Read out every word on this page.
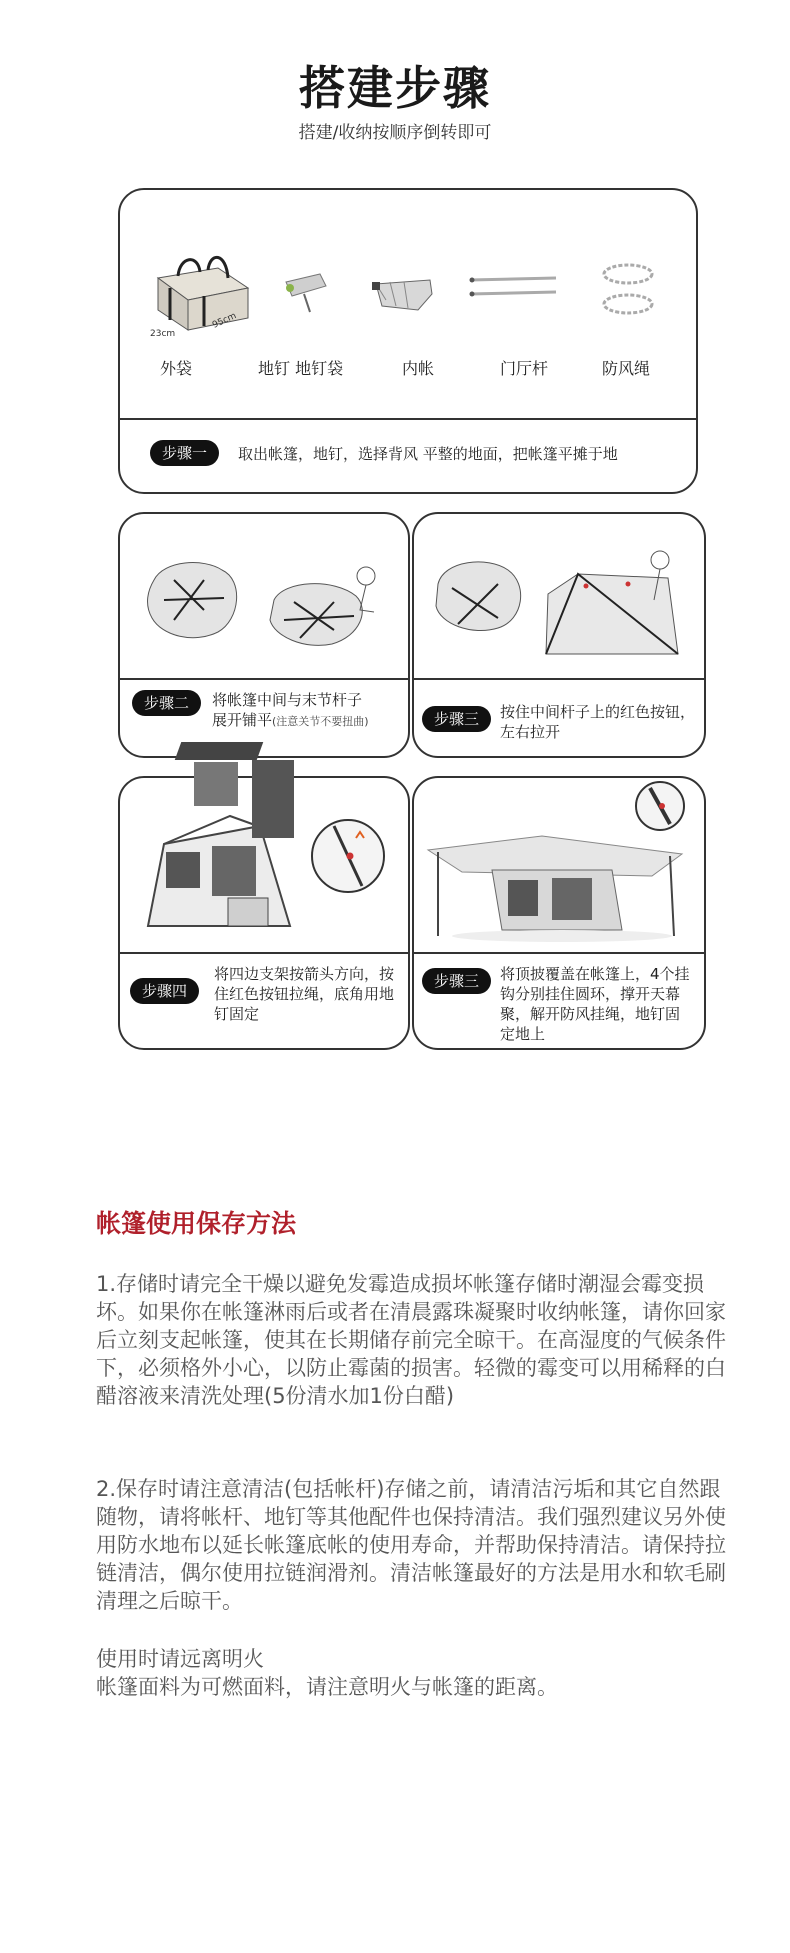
搭建步骤
搭建/收纳按顺序倒转即可
23cm
95cm
外袋	地钉 地钉袋	内帐	门厅杆	防风绳
步骤一	取出帐篷，地钉，选择背风 平整的地面，把帐篷平摊于地
步骤二	将帐篷中间与末节杆子
展开铺平(注意关节不要扭曲)	步骤三	按住中间杆子上的红色按钮，左右拉开
步骤四
将四边支架按箭头方向，按住红色按钮拉绳，底角用地钉固定
步骤三	将顶披覆盖在帐篷上，4个挂钩分别挂住圆环，撑开天幕聚，解开防风挂绳，地钉固定地上
帐篷使用保存方法
1.存储时请完全干燥以避免发霉造成损坏帐篷存储时潮湿会霉变损坏。如果你在帐篷淋雨后或者在清晨露珠凝聚时收纳帐篷，请你回家后立刻支起帐篷，使其在长期储存前完全晾干。在高湿度的气候条件下，必须格外小心，以防止霉菌的损害。轻微的霉变可以用稀释的白醋溶液来清洗处理(5份清水加1份白醋)
2.保存时请注意清洁(包括帐杆)存储之前，请清洁污垢和其它自然跟随物，请将帐杆、地钉等其他配件也保持清洁。我们强烈建议另外使用防水地布以延长帐篷底帐的使用寿命，并帮助保持清洁。请保持拉链清洁，偶尔使用拉链润滑剂。清洁帐篷最好的方法是用水和软毛刷清理之后晾干。
使用时请远离明火
帐篷面料为可燃面料，请注意明火与帐篷的距离。
